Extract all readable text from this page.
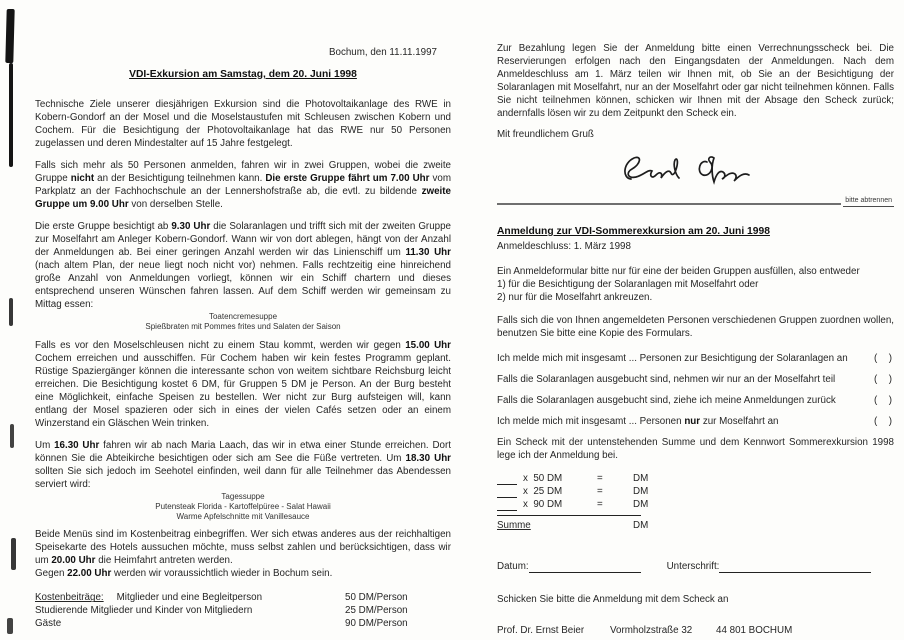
Bochum, den 11.11.1997
VDI-Exkursion am Samstag, dem 20. Juni 1998

Technische Ziele unserer diesjährigen Exkursion sind die Photovoltaikanlage des RWE in Kobern-Gondorf an der Mosel und die Moselstaustufen mit Schleusen zwischen Kobern und Cochem. Für die Besichtigung der Photovoltaikanlage hat das RWE nur 50 Personen zugelassen und deren Mindestalter auf 15 Jahre festgelegt.

Falls sich mehr als 50 Personen anmelden, fahren wir in zwei Gruppen, wobei die zweite Gruppe nicht an der Besichtigung teilnehmen kann. Die erste Gruppe fährt um 7.00 Uhr vom Parkplatz an der Fachhochschule an der Lennershofstraße ab, die evtl. zu bildende zweite Gruppe um 9.00 Uhr von derselben Stelle.

Die erste Gruppe besichtigt ab 9.30 Uhr die Solaranlagen und trifft sich mit der zweiten Gruppe zur Moselfahrt am Anleger Kobern-Gondorf. Wann wir von dort ablegen, hängt von der Anzahl der Anmeldungen ab. Bei einer geringen Anzahl werden wir das Linienschiff um 11.30 Uhr (nach altem Plan, der neue liegt noch nicht vor) nehmen. Falls rechtzeitig eine hinreichend große Anzahl von Anmeldungen vorliegt, können wir ein Schiff chartern und dieses entsprechend unseren Wünschen fahren lassen. Auf dem Schiff werden wir gemeinsam zu Mittag essen:

Toatencremesuppe
Spießbraten mit Pommes frites und Salaten der Saison

Falls es vor den Moselschleusen nicht zu einem Stau kommt, werden wir gegen 15.00 Uhr Cochem erreichen und ausschiffen. Für Cochem haben wir kein festes Programm geplant. Rüstige Spaziergänger können die interessante schon von weitem sichtbare Reichsburg leicht erreichen. Die Besichtigung kostet 6 DM, für Gruppen 5 DM je Person. An der Burg besteht eine Möglichkeit, einfache Speisen zu bestellen. Wer nicht zur Burg aufsteigen will, kann entlang der Mosel spazieren oder sich in eines der vielen Cafés setzen oder an einem Winzerstand ein Gläschen Wein trinken.

Um 16.30 Uhr fahren wir ab nach Maria Laach, das wir in etwa einer Stunde erreichen. Dort können Sie die Abteikirche besichtigen oder sich am See die Füße vertreten. Um 18.30 Uhr sollten Sie sich jedoch im Seehotel einfinden, weil dann für alle Teilnehmer das Abendessen serviert wird:

Tagessuppe
Putensteak Florida - Kartoffelpüree - Salat Hawaii
Warme Apfelschnitte mit Vanillesauce

Beide Menüs sind im Kostenbeitrag einbegriffen. Wer sich etwas anderes aus der reichhaltigen Speisekarte des Hotels aussuchen möchte, muss selbst zahlen und berücksichtigen, dass wir um 20.00 Uhr die Heimfahrt antreten werden.

Gegen 22.00 Uhr werden wir voraussichtlich wieder in Bochum sein.

Kostenbeiträge: Mitglieder und eine Begleitperson	50 DM/Person
Studierende Mitglieder und Kinder von Mitgliedern	25 DM/Person
Gäste	90 DM/Person

Zur Bezahlung legen Sie der Anmeldung bitte einen Verrechnungsscheck bei. Die Reservierungen erfolgen nach den Eingangsdaten der Anmeldungen. Nach dem Anmeldeschluss am 1. März teilen wir Ihnen mit, ob Sie an der Besichtigung der Solaranlagen mit Moselfahrt, nur an der Moselfahrt oder gar nicht teilnehmen können. Falls Sie nicht teilnehmen können, schicken wir Ihnen mit der Absage den Scheck zurück; andernfalls lösen wir zu dem Zeitpunkt den Scheck ein.

Mit freundlichem Gruß
bitte abtrennen
Anmeldung zur VDI-Sommerexkursion am 20. Juni 1998
Anmeldeschluss: 1. März 1998
Ein Anmeldeformular bitte nur für eine der beiden Gruppen ausfüllen, also entweder
1) für die Besichtigung der Solaranlagen mit Moselfahrt oder
2) nur für die Moselfahrt ankreuzen.

Falls sich die von Ihnen angemeldeten Personen verschiedenen Gruppen zuordnen wollen, benutzen Sie bitte eine Kopie des Formulars.

Ich melde mich mit insgesamt ... Personen zur Besichtigung der Solaranlagen an	(  )
Falls die Solaranlagen ausgebucht sind, nehmen wir nur an der Moselfahrt teil	(  )
Falls die Solaranlagen ausgebucht sind, ziehe ich meine Anmeldungen zurück	(  )
Ich melde mich mit insgesamt ... Personen nur zur Moselfahrt an	(  )

Ein Scheck mit der untenstehenden Summe und dem Kennwort Sommerexkursion 1998 lege ich der Anmeldung bei.

x  50 DM	=	DM
x  25 DM	=	DM
x  90 DM	=	DM
Summe	DM
Datum:	Unterschrift:
Schicken Sie bitte die Anmeldung mit dem Scheck an
Prof. Dr. Ernst Beier	Vormholzstraße 32	44 801 BOCHUM
